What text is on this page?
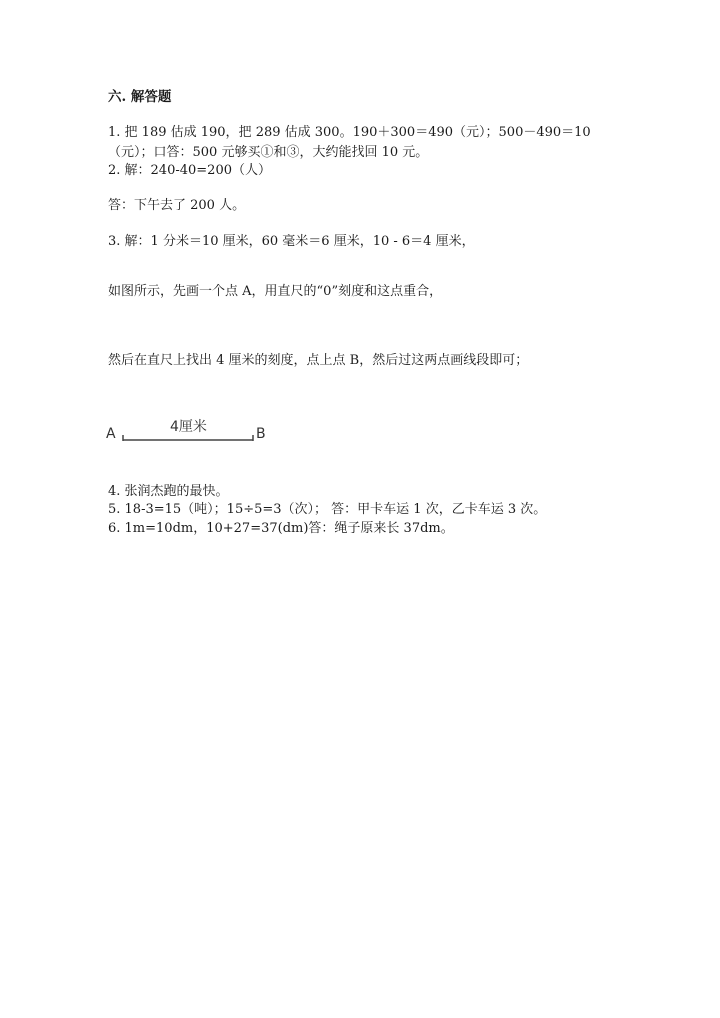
六. 解答题
1. 把 189 估成 190，把 289 估成 300。190＋300＝490（元）；500－490＝10
（元）；口答：500 元够买①和③，大约能找回 10 元。
2. 解：240-40=200（人）
答：下午去了 200 人。
3. 解：1 分米＝10 厘米，60 毫米＝6 厘米，10 - 6＝4 厘米，
如图所示，先画一个点 A，用直尺的“0”刻度和这点重合，
然后在直尺上找出 4 厘米的刻度，点上点 B，然后过这两点画线段即可；
A	4厘米	B
4. 张润杰跑的最快。
5. 18-3=15（吨）；15÷5=3（次）； 答：甲卡车运 1 次，乙卡车运 3 次。
6. 1m=10dm，10+27=37(dm)答：绳子原来长 37dm。
